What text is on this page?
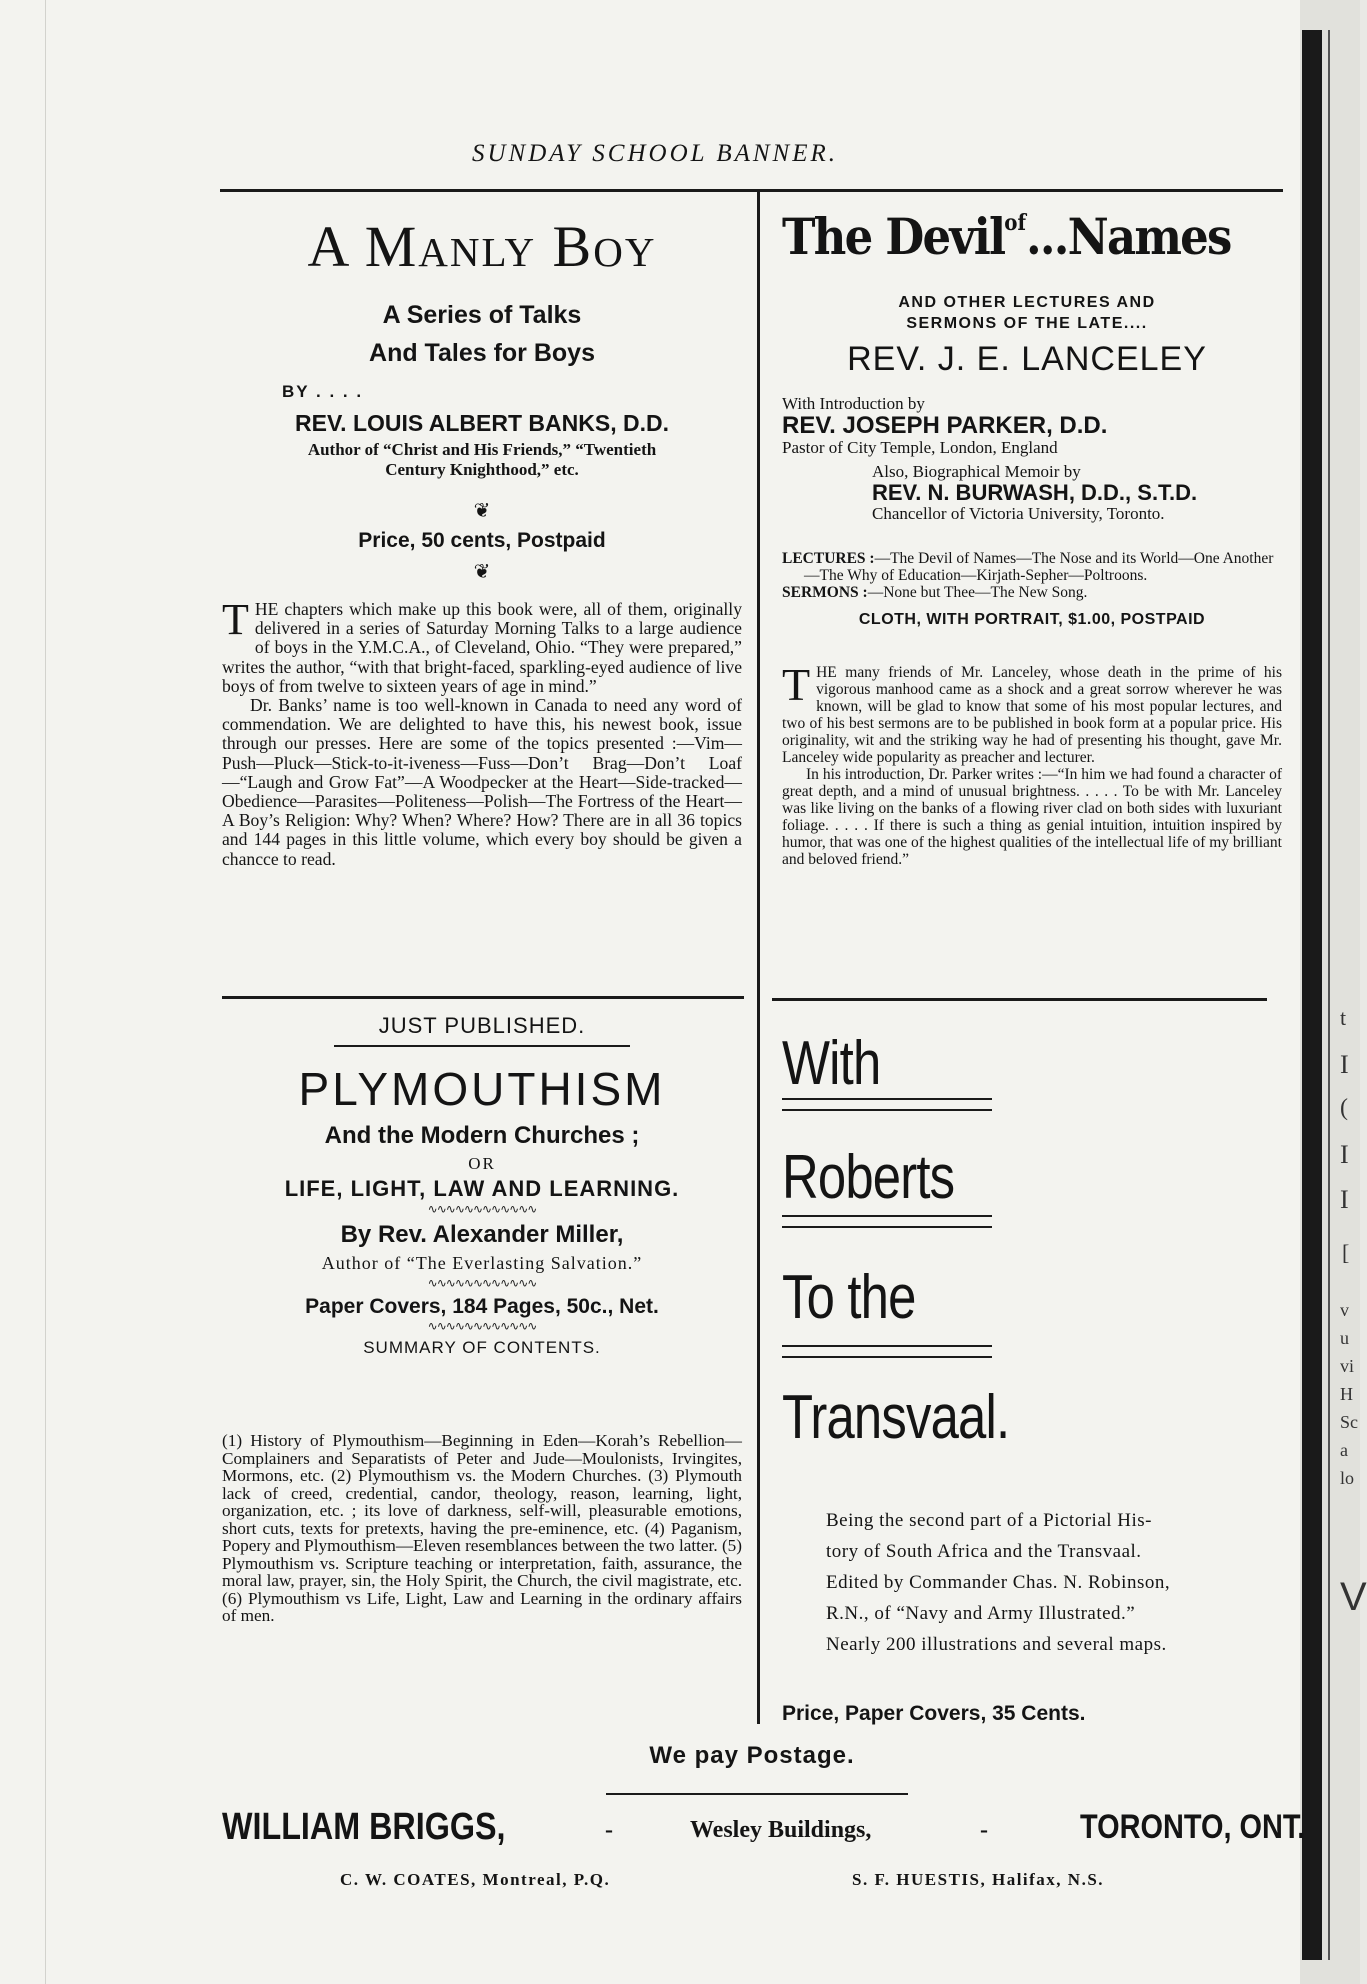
t
I
(
I
I
[
v
u
vi
H
Sc
a
lo
V
SUNDAY SCHOOL BANNER.
A Manly Boy
A Series of Talks
And Tales for Boys
BY . . . .
REV. LOUIS ALBERT BANKS, D.D.
Author of “Christ and His Friends,” “Twentieth
Century Knighthood,” etc.
❦
Price, 50 cents, Postpaid
❦
THE chapters which make up this book were, all of them, originally delivered in a series of Saturday Morning Talks to a large audience of boys in the Y.M.C.A., of Cleveland, Ohio. “They were prepared,” writes the author, “with that bright-faced, sparkling-eyed audience of live boys of from twelve to sixteen years of age in mind.”
Dr. Banks’ name is too well-known in Canada to need any word of commendation. We are delighted to have this, his newest book, issue through our presses. Here are some of the topics presented :—Vim—Push—Pluck—Stick-to-it-iveness—Fuss—Don’t Brag—Don’t Loaf—“Laugh and Grow Fat”—A Woodpecker at the Heart—Side-tracked—Obedience—Parasites—Politeness—Polish—The Fortress of the Heart—A Boy’s Religion: Why? When? Where? How? There are in all 36 topics and 144 pages in this little volume, which every boy should be given a chancce to read.
The Devil$^{of}$...Names
AND OTHER LECTURES AND
SERMONS OF THE LATE....
REV. J. E. LANCELEY
With Introduction by
REV. JOSEPH PARKER, D.D.
Pastor of City Temple, London, England
Also, Biographical Memoir by
REV. N. BURWASH, D.D., S.T.D.
Chancellor of Victoria University, Toronto.
LECTURES :—The Devil of Names—The Nose and its World—One Another—The Why of Education—Kirjath-Sepher—Poltroons.
SERMONS :—None but Thee—The New Song.
CLOTH, WITH PORTRAIT, $1.00, POSTPAID
THE many friends of Mr. Lanceley, whose death in the prime of his vigorous manhood came as a shock and a great sorrow wherever he was known, will be glad to know that some of his most popular lectures, and two of his best sermons are to be published in book form at a popular price. His originality, wit and the striking way he had of presenting his thought, gave Mr. Lanceley wide popularity as preacher and lecturer.
In his introduction, Dr. Parker writes :—“In him we had found a character of great depth, and a mind of unusual brightness. . . . . To be with Mr. Lanceley was like living on the banks of a flowing river clad on both sides with luxuriant foliage. . . . . If there is such a thing as genial intuition, intuition inspired by humor, that was one of the highest qualities of the intellectual life of my brilliant and beloved friend.”
JUST PUBLISHED.
PLYMOUTHISM
And the Modern Churches ;
OR
LIFE, LIGHT, LAW AND LEARNING.
∿∿∿∿∿∿∿∿∿∿∿∿
By Rev. Alexander Miller,
Author of “The Everlasting Salvation.”
∿∿∿∿∿∿∿∿∿∿∿∿
Paper Covers, 184 Pages, 50c., Net.
∿∿∿∿∿∿∿∿∿∿∿∿
SUMMARY OF CONTENTS.
(1) History of Plymouthism—Beginning in Eden—Korah’s Rebellion—Complainers and Separatists of Peter and Jude—Moulonists, Irvingites, Mormons, etc. (2) Plymouthism vs. the Modern Churches. (3) Plymouth lack of creed, credential, candor, theology, reason, learning, light, organization, etc. ; its love of darkness, self-will, pleasurable emotions, short cuts, texts for pretexts, having the pre-eminence, etc. (4) Paganism, Popery and Plymouthism—Eleven resemblances between the two latter. (5) Plymouthism vs. Scripture teaching or interpretation, faith, assurance, the moral law, prayer, sin, the Holy Spirit, the Church, the civil magistrate, etc. (6) Plymouthism vs Life, Light, Law and Learning in the ordinary affairs of men.
With
Roberts
To the
Transvaal.
Being the second part of a Pictorial His-
tory of South Africa and the Transvaal.
Edited by Commander Chas. N. Robinson,
R.N., of “Navy and Army Illustrated.”
Nearly 200 illustrations and several maps.
Price, Paper Covers, 35 Cents.
We pay Postage.
WILLIAM BRIGGS,	-	Wesley Buildings,	-	TORONTO, ONT.
C. W. COATES, Montreal, P.Q.	S. F. HUESTIS, Halifax, N.S.
